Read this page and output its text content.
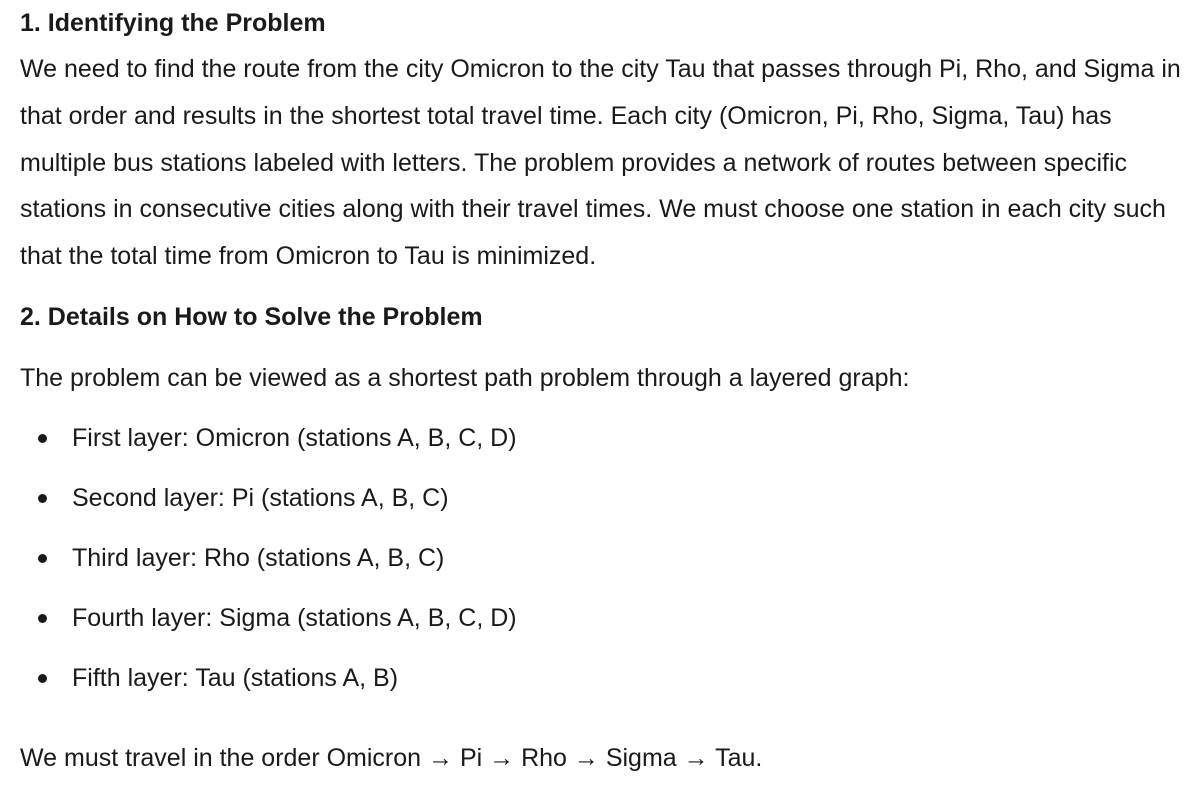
1. Identifying the Problem

We need to find the route from the city Omicron to the city Tau that passes through Pi, Rho, and Sigma in that order and results in the shortest total travel time. Each city (Omicron, Pi, Rho, Sigma, Tau) has multiple bus stations labeled with letters. The problem provides a network of routes between specific stations in consecutive cities along with their travel times. We must choose one station in each city such that the total time from Omicron to Tau is minimized.

2. Details on How to Solve the Problem

The problem can be viewed as a shortest path problem through a layered graph:

First layer: Omicron (stations A, B, C, D)
Second layer: Pi (stations A, B, C)
Third layer: Rho (stations A, B, C)
Fourth layer: Sigma (stations A, B, C, D)
Fifth layer: Tau (stations A, B)

We must travel in the order Omicron → Pi → Rho → Sigma → Tau.
